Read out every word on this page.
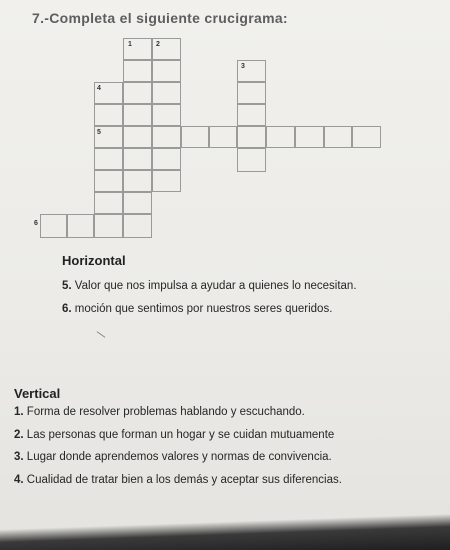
7.-Completa el siguiente crucigrama:
1	2
3
4
5
6
Horizontal
5. Valor que nos impulsa a ayudar a quienes lo necesitan.
6. moción que sentimos por nuestros seres queridos.
Vertical
1. Forma de resolver problemas hablando y escuchando.
2. Las personas que forman un hogar y se cuidan mutuamente
3. Lugar donde aprendemos valores y normas de convivencia.
4. Cualidad de tratar bien a los demás y aceptar sus diferencias.
